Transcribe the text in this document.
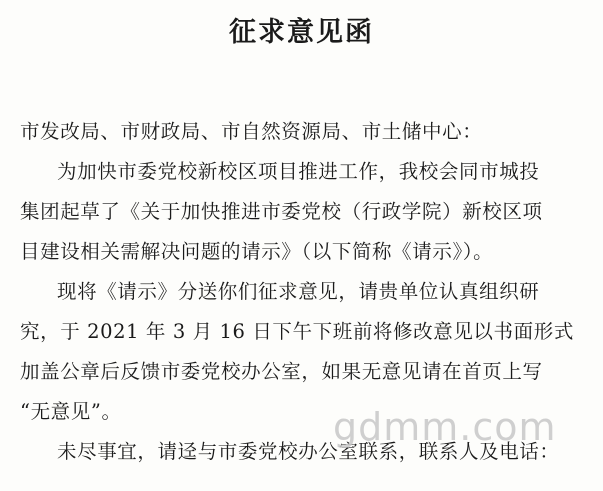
征求意见函
市发改局、市财政局、市自然资源局、市土储中心：
为加快市委党校新校区项目推进工作，我校会同市城投
集团起草了《关于加快推进市委党校（行政学院）新校区项
目建设相关需解决问题的请示》（以下简称《请示》）。
现将《请示》分送你们征求意见，请贵单位认真组织研
究，于 2021 年 3 月 16 日下午下班前将修改意见以书面形式
加盖公章后反馈市委党校办公室，如果无意见请在首页上写
“无意见”。
未尽事宜，请迳与市委党校办公室联系，联系人及电话：
gdmm.com
